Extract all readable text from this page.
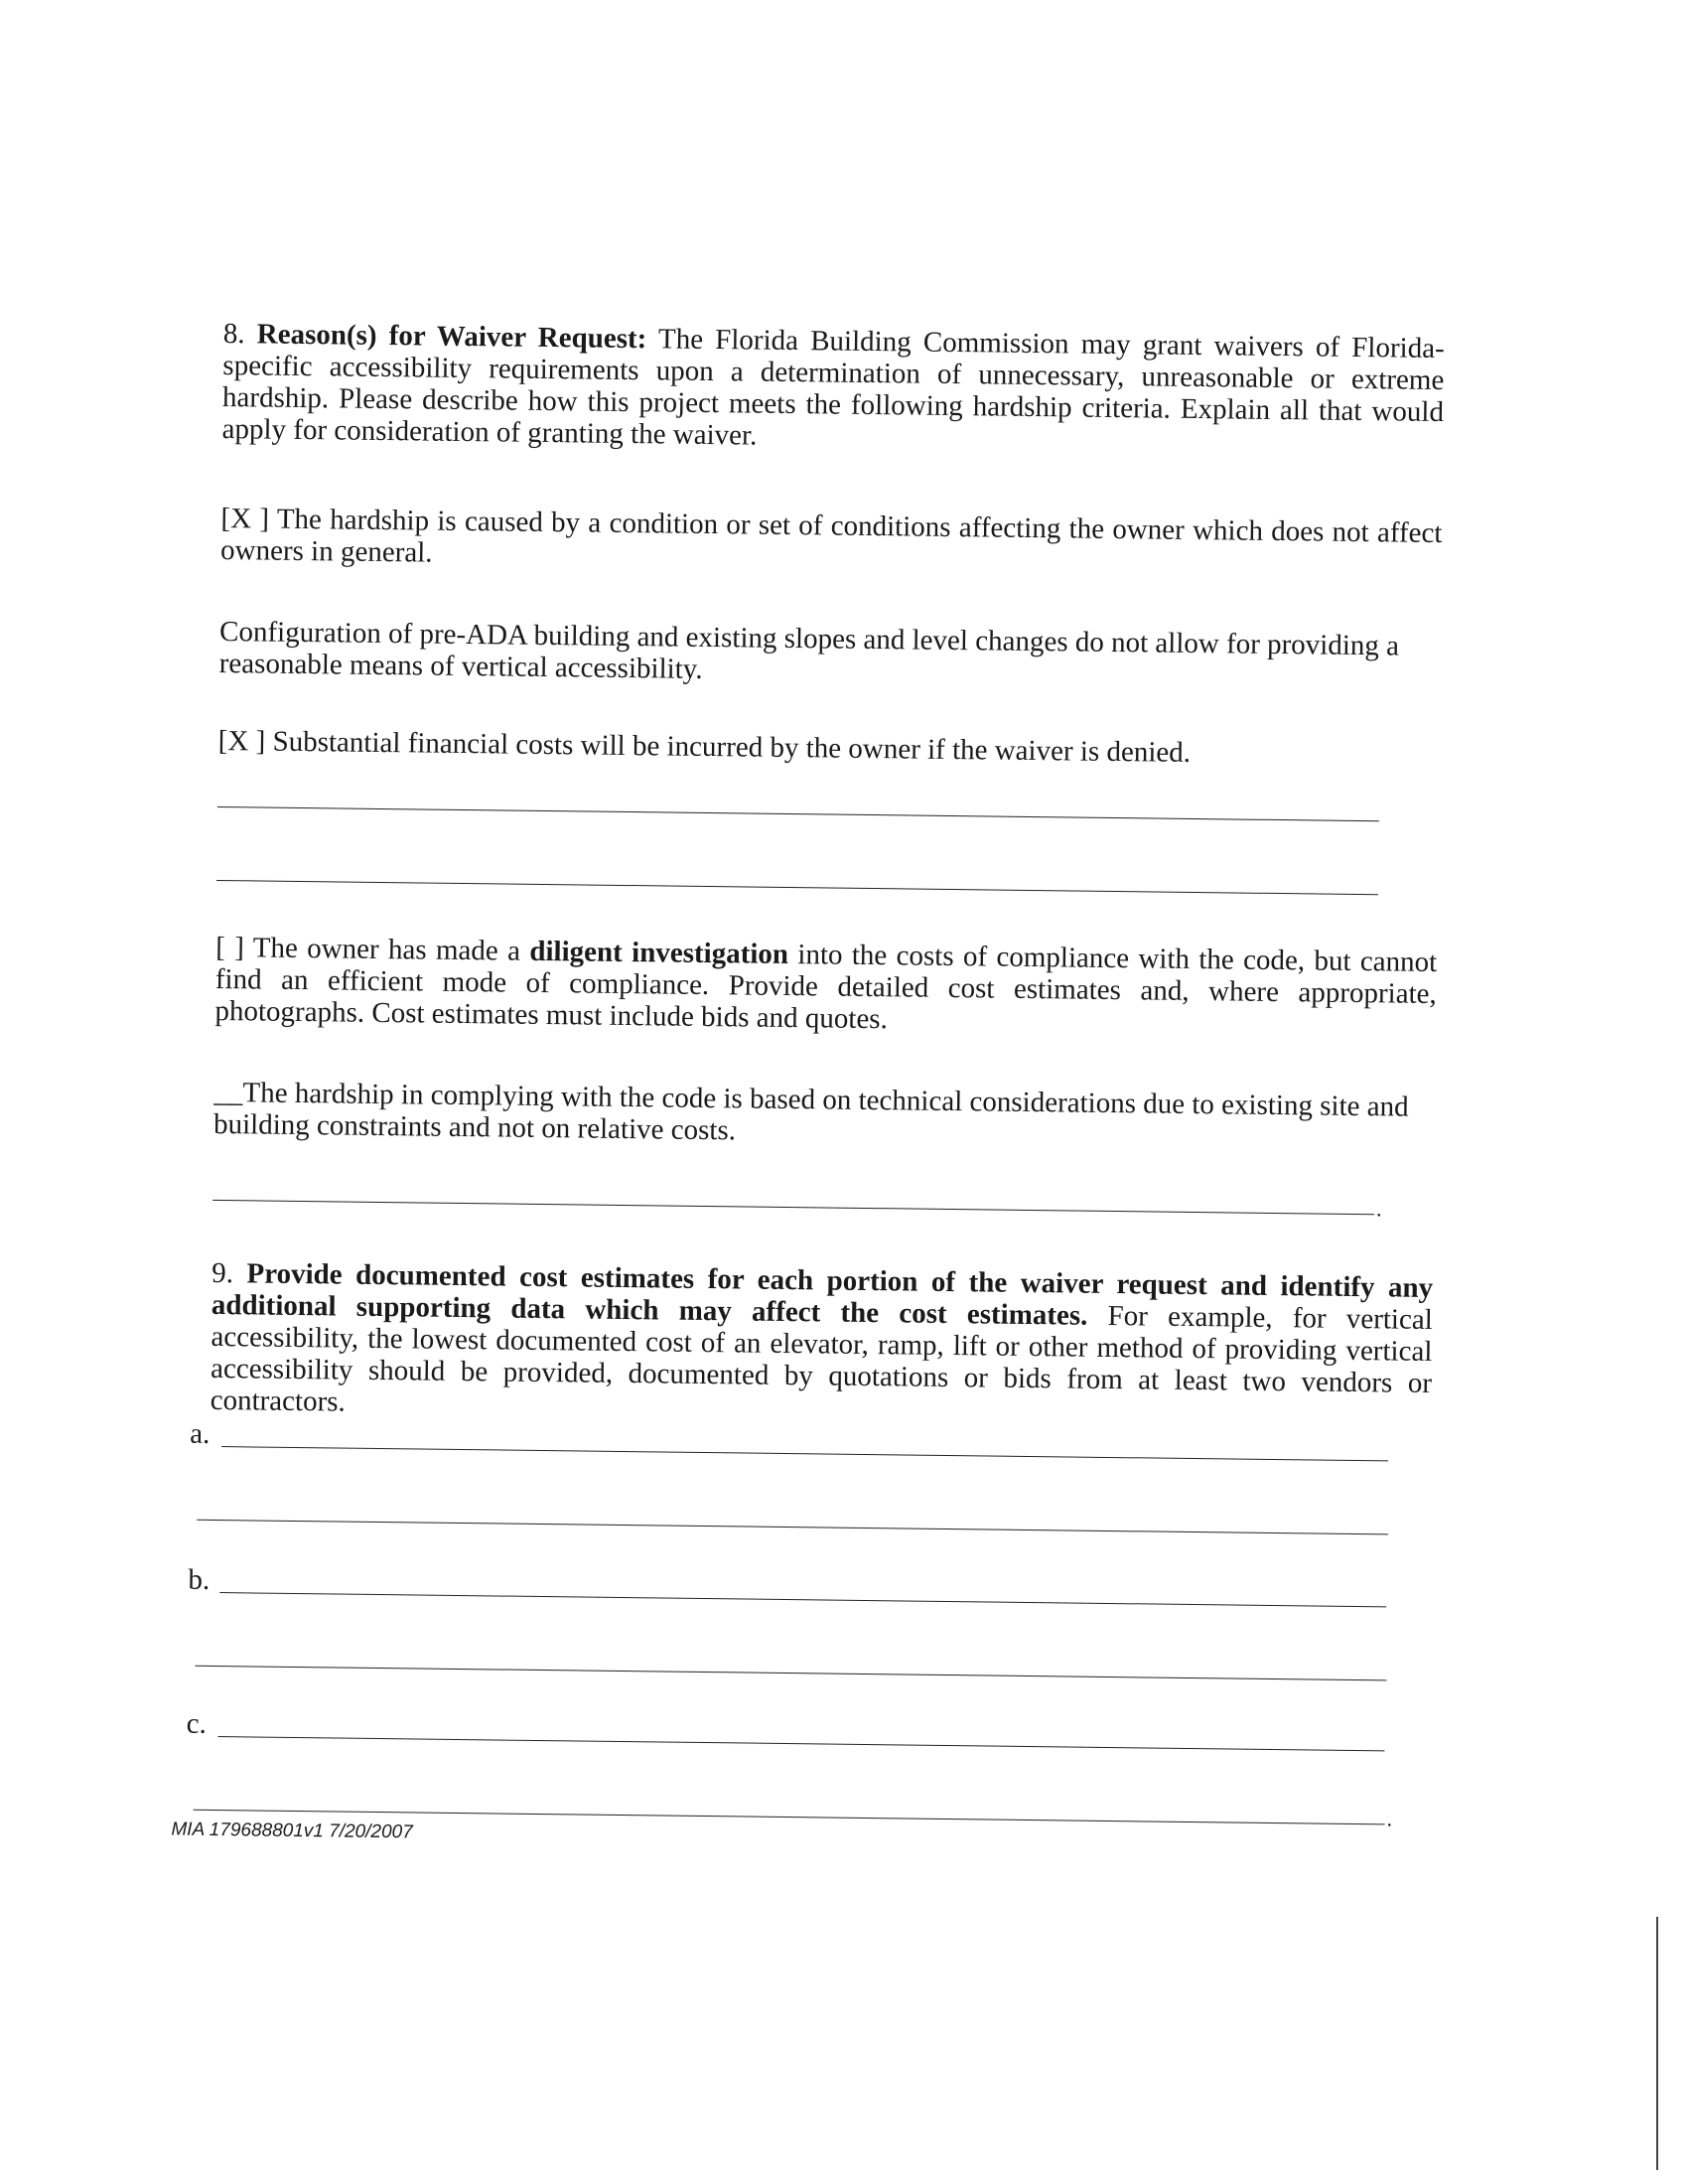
8. Reason(s) for Waiver Request: The Florida Building Commission may grant waivers of Florida-specific accessibility requirements upon a determination of unnecessary, unreasonable or extreme hardship. Please describe how this project meets the following hardship criteria. Explain all that would apply for consideration of granting the waiver.

[X ] The hardship is caused by a condition or set of conditions affecting the owner which does not affect owners in general.

Configuration of pre-ADA building and existing slopes and level changes do not allow for providing a reasonable means of vertical accessibility.

[X ] Substantial financial costs will be incurred by the owner if the waiver is denied.

[ ] The owner has made a diligent investigation into the costs of compliance with the code, but cannot find an efficient mode of compliance. Provide detailed cost estimates and, where appropriate, photographs. Cost estimates must include bids and quotes.

__The hardship in complying with the code is based on technical considerations due to existing site and building constraints and not on relative costs.

.

9. Provide documented cost estimates for each portion of the waiver request and identify any additional supporting data which may affect the cost estimates. For example, for vertical accessibility, the lowest documented cost of an elevator, ramp, lift or other method of providing vertical accessibility should be provided, documented by quotations or bids from at least two vendors or contractors.

a.
b.
c.
.
MIA 179688801v1 7/20/2007
